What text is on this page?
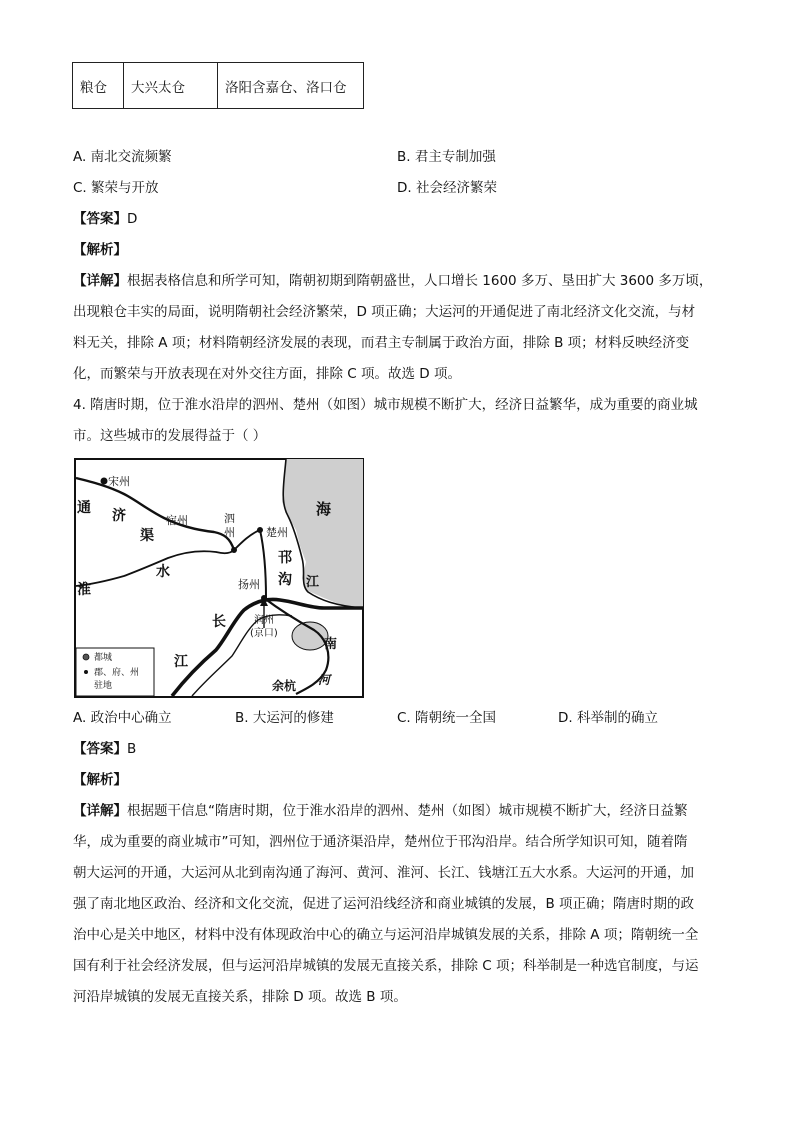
粮仓	大兴太仓	洛阳含嘉仓、洛口仓
A. 南北交流频繁	B. 君主专制加强
C. 繁荣与开放	D. 社会经济繁荣
【答案】D
【解析】
【详解】根据表格信息和所学可知，隋朝初期到隋朝盛世，人口增长 1600 多万、垦田扩大 3600 多万顷，
出现粮仓丰实的局面，说明隋朝社会经济繁荣，D 项正确；大运河的开通促进了南北经济文化交流，与材
料无关，排除 A 项；材料隋朝经济发展的表现，而君主专制属于政治方面，排除 B 项；材料反映经济变
化，而繁荣与开放表现在对外交往方面，排除 C 项。故选 D 项。
4. 隋唐时期，位于淮水沿岸的泗州、楚州（如图）城市规模不断扩大，经济日益繁华，成为重要的商业城
市。这些城市的发展得益于（ ）
宋州
通 济
渠
宿州	泗
州	楚州
海
邗
沟
淮
水
扬州
长
江
润州
(京口)
江
南
余杭 河
都城
郡、府、州
驻地
A. 政治中心确立	B. 大运河的修建	C. 隋朝统一全国	D. 科举制的确立
【答案】B
【解析】
【详解】根据题干信息“隋唐时期，位于淮水沿岸的泗州、楚州（如图）城市规模不断扩大，经济日益繁
华，成为重要的商业城市”可知，泗州位于通济渠沿岸，楚州位于邗沟沿岸。结合所学知识可知，随着隋
朝大运河的开通，大运河从北到南沟通了海河、黄河、淮河、长江、钱塘江五大水系。大运河的开通，加
强了南北地区政治、经济和文化交流，促进了运河沿线经济和商业城镇的发展，B 项正确；隋唐时期的政
治中心是关中地区，材料中没有体现政治中心的确立与运河沿岸城镇发展的关系，排除 A 项；隋朝统一全
国有利于社会经济发展，但与运河沿岸城镇的发展无直接关系，排除 C 项；科举制是一种选官制度，与运
河沿岸城镇的发展无直接关系，排除 D 项。故选 B 项。
